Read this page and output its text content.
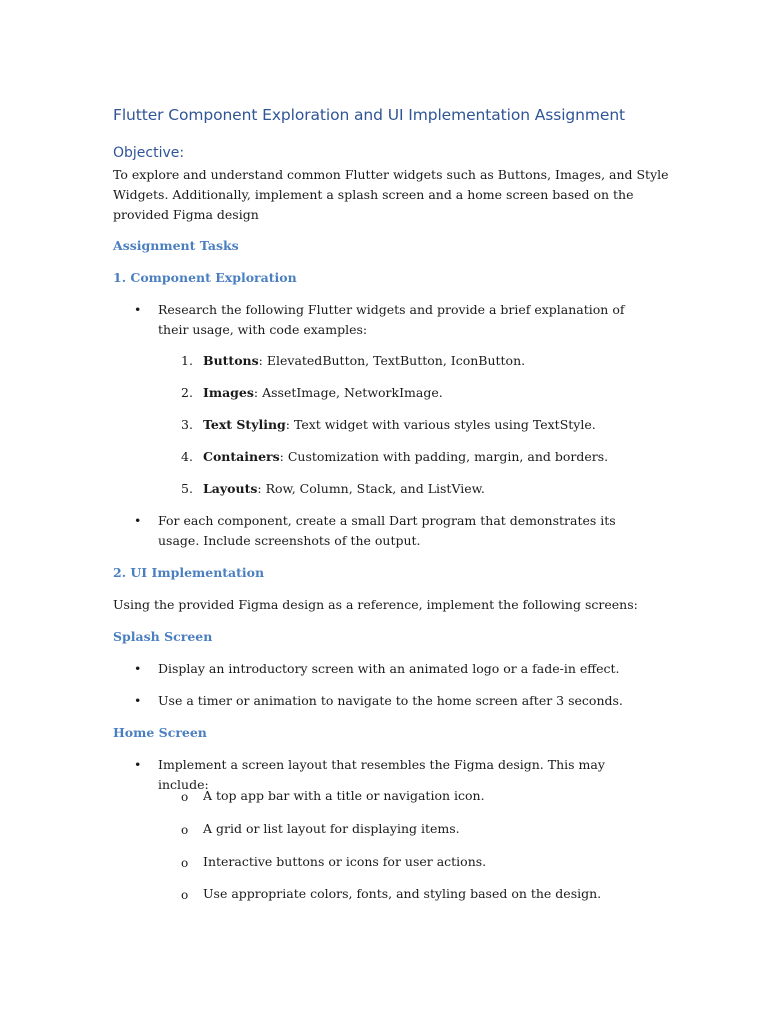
Flutter Component Exploration and UI Implementation Assignment
Objective:
To explore and understand common Flutter widgets such as Buttons, Images, and Style Widgets. Additionally, implement a splash screen and a home screen based on the provided Figma design
Assignment Tasks
1. Component Exploration
• Research the following Flutter widgets and provide a brief explanation of their usage, with code examples:
1. Buttons: ElevatedButton, TextButton, IconButton.
2. Images: AssetImage, NetworkImage.
3. Text Styling: Text widget with various styles using TextStyle.
4. Containers: Customization with padding, margin, and borders.
5. Layouts: Row, Column, Stack, and ListView.
• For each component, create a small Dart program that demonstrates its usage. Include screenshots of the output.
2. UI Implementation
Using the provided Figma design as a reference, implement the following screens:
Splash Screen
• Display an introductory screen with an animated logo or a fade-in effect.
• Use a timer or animation to navigate to the home screen after 3 seconds.
Home Screen
• Implement a screen layout that resembles the Figma design. This may include:
o A top app bar with a title or navigation icon.
o A grid or list layout for displaying items.
o Interactive buttons or icons for user actions.
o Use appropriate colors, fonts, and styling based on the design.
